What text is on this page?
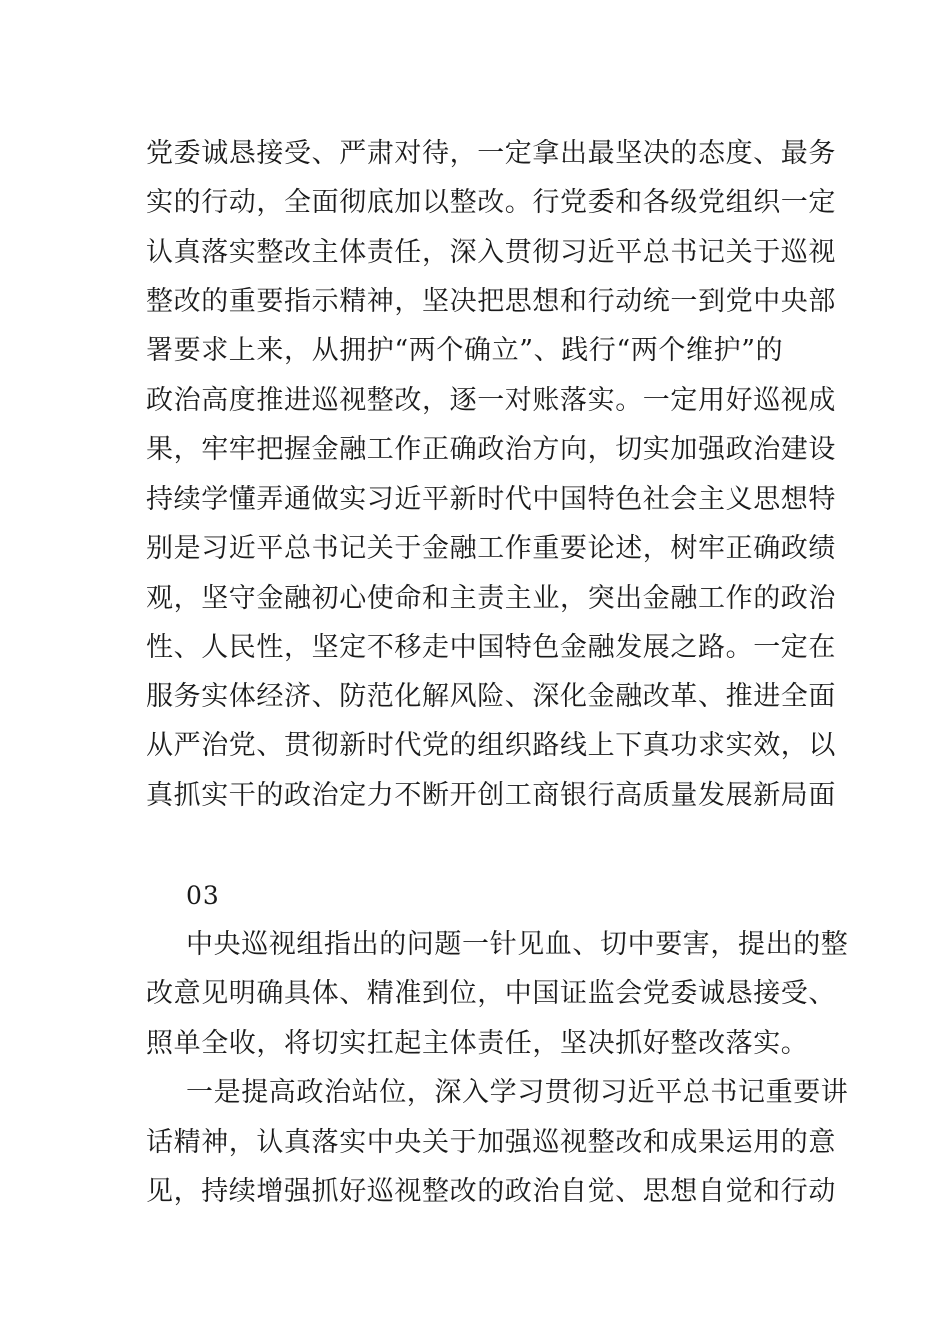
党委诚恳接受、严肃对待，一定拿出最坚决的态度、最务
实的行动，全面彻底加以整改。行党委和各级党组织一定
认真落实整改主体责任，深入贯彻习近平总书记关于巡视
整改的重要指示精神，坚决把思想和行动统一到党中央部
署要求上来，从拥护“两个确立”、践行“两个维护”的
政治高度推进巡视整改，逐一对账落实。一定用好巡视成
果，牢牢把握金融工作正确政治方向，切实加强政治建设
持续学懂弄通做实习近平新时代中国特色社会主义思想特
别是习近平总书记关于金融工作重要论述，树牢正确政绩
观，坚守金融初心使命和主责主业，突出金融工作的政治
性、人民性，坚定不移走中国特色金融发展之路。一定在
服务实体经济、防范化解风险、深化金融改革、推进全面
从严治党、贯彻新时代党的组织路线上下真功求实效，以
真抓实干的政治定力不断开创工商银行高质量发展新局面
03
中央巡视组指出的问题一针见血、切中要害，提出的整
改意见明确具体、精准到位，中国证监会党委诚恳接受、
照单全收，将切实扛起主体责任，坚决抓好整改落实。
一是提高政治站位，深入学习贯彻习近平总书记重要讲
话精神，认真落实中央关于加强巡视整改和成果运用的意
见，持续增强抓好巡视整改的政治自觉、思想自觉和行动
